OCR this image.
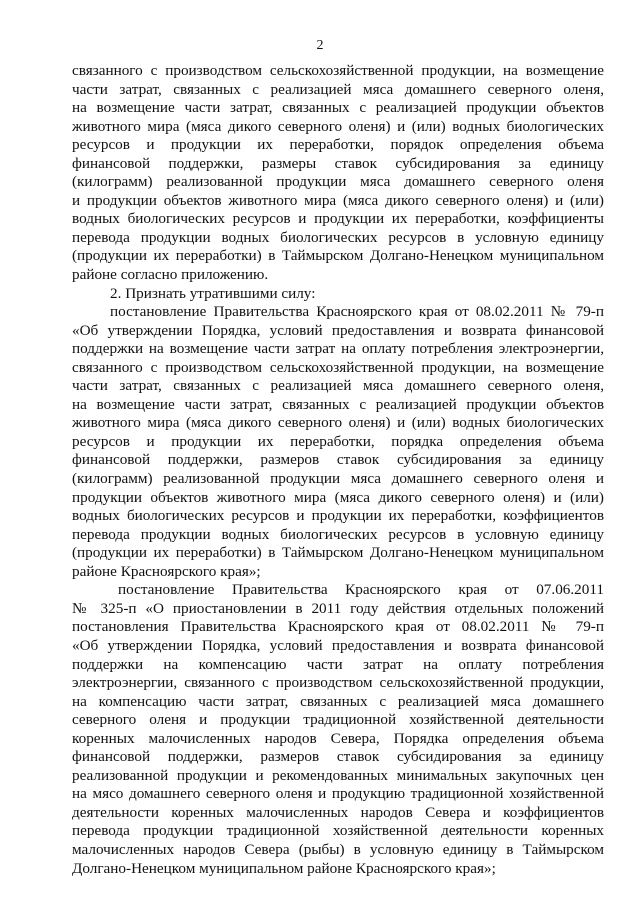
2
связанного с производством сельскохозяйственной продукции, на возмещение
части затрат, связанных с реализацией мяса домашнего северного оленя,
на возмещение части затрат, связанных с реализацией продукции объектов
животного мира (мяса дикого северного оленя) и (или) водных биологических
ресурсов и продукции их переработки, порядок определения объема
финансовой поддержки, размеры ставок субсидирования за единицу
(килограмм) реализованной продукции мяса домашнего северного оленя
и продукции объектов животного мира (мяса дикого северного оленя) и (или)
водных биологических ресурсов и продукции их переработки, коэффициенты
перевода продукции водных биологических ресурсов в условную единицу
(продукции их переработки) в Таймырском Долгано-Ненецком муниципальном
районе согласно приложению.
2. Признать утратившими силу:
постановление Правительства Красноярского края от 08.02.2011 № 79-п
«Об утверждении Порядка, условий предоставления и возврата финансовой
поддержки на возмещение части затрат на оплату потребления электроэнергии,
связанного с производством сельскохозяйственной продукции, на возмещение
части затрат, связанных с реализацией мяса домашнего северного оленя,
на возмещение части затрат, связанных с реализацией продукции объектов
животного мира (мяса дикого северного оленя) и (или) водных биологических
ресурсов и продукции их переработки, порядка определения объема
финансовой поддержки, размеров ставок субсидирования за единицу
(килограмм) реализованной продукции мяса домашнего северного оленя и
продукции объектов животного мира (мяса дикого северного оленя) и (или)
водных биологических ресурсов и продукции их переработки, коэффициентов
перевода продукции водных биологических ресурсов в условную единицу
(продукции их переработки) в Таймырском Долгано-Ненецком муниципальном
районе Красноярского края»;
постановление Правительства Красноярского края от 07.06.2011
№ 325-п «О приостановлении в 2011 году действия отдельных положений
постановления Правительства Красноярского края от 08.02.2011 № 79-п
«Об утверждении Порядка, условий предоставления и возврата финансовой
поддержки на компенсацию части затрат на оплату потребления
электроэнергии, связанного с производством сельскохозяйственной продукции,
на компенсацию части затрат, связанных с реализацией мяса домашнего
северного оленя и продукции традиционной хозяйственной деятельности
коренных малочисленных народов Севера, Порядка определения объема
финансовой поддержки, размеров ставок субсидирования за единицу
реализованной продукции и рекомендованных минимальных закупочных цен
на мясо домашнего северного оленя и продукцию традиционной хозяйственной
деятельности коренных малочисленных народов Севера и коэффициентов
перевода продукции традиционной хозяйственной деятельности коренных
малочисленных народов Севера (рыбы) в условную единицу в Таймырском
Долгано-Ненецком муниципальном районе Красноярского края»;
